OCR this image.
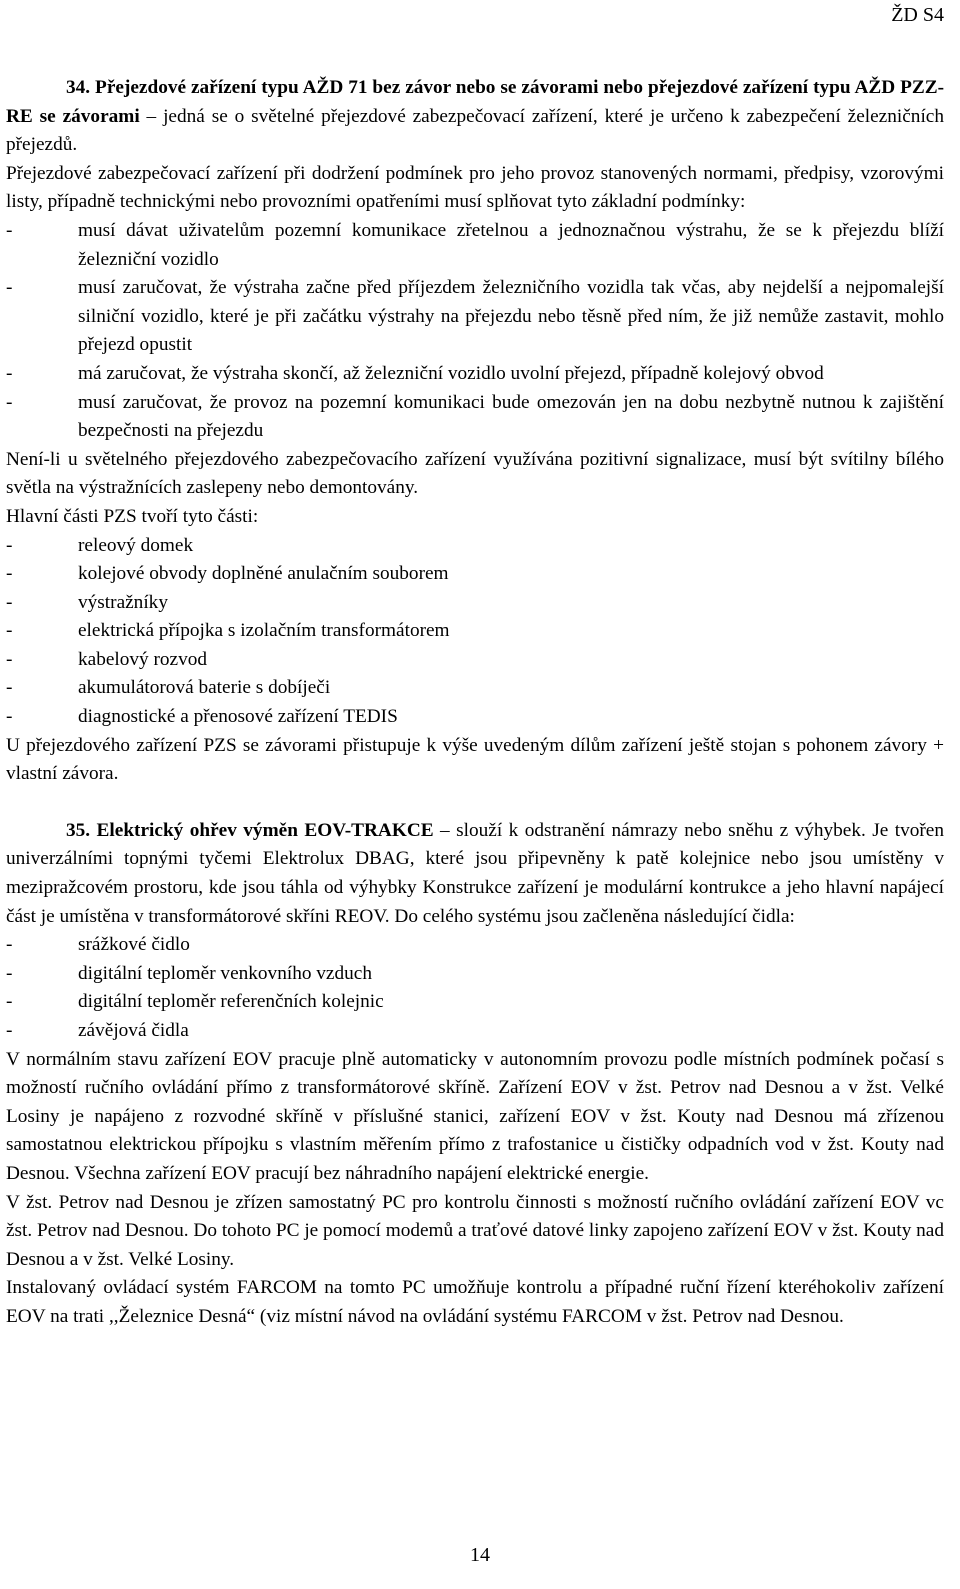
ŽD S4

34. Přejezdové zařízení typu AŽD 71 bez závor nebo se závorami nebo přejezdové zařízení typu AŽD PZZ-RE se závorami – jedná se o světelné přejezdové zabezpečovací zařízení, které je určeno k zabezpečení železničních přejezdů.

Přejezdové zabezpečovací zařízení při dodržení podmínek pro jeho provoz stanovených normami, předpisy, vzorovými listy, případně technickými nebo provozními opatřeními musí splňovat tyto základní podmínky:

-	musí dávat uživatelům pozemní komunikace zřetelnou a jednoznačnou výstrahu, že se k přejezdu blíží železniční vozidlo
-	musí zaručovat, že výstraha začne před příjezdem železničního vozidla tak včas, aby nejdelší a nejpomalejší silniční vozidlo, které je při začátku výstrahy na přejezdu nebo těsně před ním, že již nemůže zastavit, mohlo přejezd opustit
-	má zaručovat, že výstraha skončí, až železniční vozidlo uvolní přejezd, případně kolejový obvod
-	musí zaručovat, že provoz na pozemní komunikaci bude omezován jen na dobu nezbytně nutnou k zajištění bezpečnosti na přejezdu

Není-li u světelného přejezdového zabezpečovacího zařízení využívána pozitivní signalizace, musí být svítilny bílého světla na výstražnících zaslepeny nebo demontovány.

Hlavní části PZS tvoří tyto části:

-	releový domek
-	kolejové obvody doplněné anulačním souborem
-	výstražníky
-	elektrická přípojka s izolačním transformátorem
-	kabelový rozvod
-	akumulátorová baterie s dobíječi
-	diagnostické a přenosové zařízení TEDIS

U přejezdového zařízení PZS se závorami přistupuje k výše uvedeným dílům zařízení ještě stojan s pohonem závory + vlastní závora.

35. Elektrický ohřev výměn EOV-TRAKCE – slouží k odstranění námrazy nebo sněhu z výhybek. Je tvořen univerzálními topnými tyčemi Elektrolux DBAG, které jsou připevněny k patě kolejnice nebo jsou umístěny v mezipražcovém prostoru, kde jsou táhla od výhybky Konstrukce zařízení je modulární kontrukce a jeho hlavní napájecí část je umístěna v transformátorové skříni REOV. Do celého systému jsou začleněna následující čidla:

-	srážkové čidlo
-	digitální teploměr venkovního vzduch
-	digitální teploměr referenčních kolejnic
-	závějová čidla

V normálním stavu zařízení EOV pracuje plně automaticky v autonomním provozu podle místních podmínek počasí s možností ručního ovládání přímo z transformátorové skříně. Zařízení EOV v žst. Petrov nad Desnou a v žst. Velké Losiny je napájeno z rozvodné skříně v příslušné stanici, zařízení EOV v žst. Kouty nad Desnou má zřízenou samostatnou elektrickou přípojku s vlastním měřením přímo z trafostanice u čističky odpadních vod v žst. Kouty nad Desnou. Všechna zařízení EOV pracují bez náhradního napájení elektrické energie.

V žst. Petrov nad Desnou je zřízen samostatný PC pro kontrolu činnosti s možností ručního ovládání zařízení EOV vc žst. Petrov nad Desnou. Do tohoto PC je pomocí modemů a traťové datové linky zapojeno zařízení EOV v žst. Kouty nad Desnou a v žst. Velké Losiny.

Instalovaný ovládací systém FARCOM na tomto PC umožňuje kontrolu a případné ruční řízení kteréhokoliv zařízení EOV na trati ,,Železnice Desná“ (viz místní návod na ovládání systému FARCOM v žst. Petrov nad Desnou.

14
